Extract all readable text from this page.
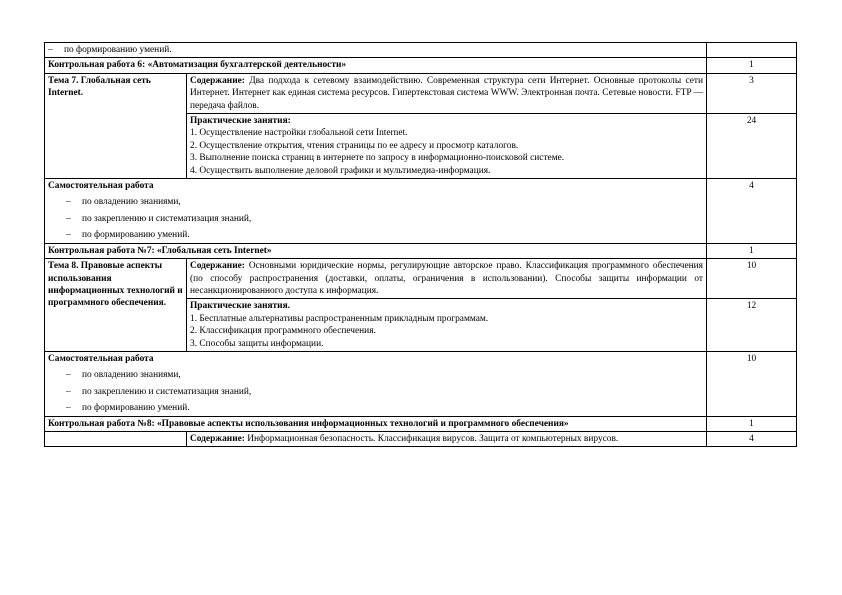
– по формированию умений.		
Контрольная работа 6: «Автоматизация бухгалтерской деятельности»		1
Тема 7. Глобальная сеть Internet.	Содержание: Два подхода к сетевому взаимодействию. Современная структура сети Интернет. Основные протоколы сети Интернет. Интернет как единая система ресурсов. Гипертекстовая система WWW. Электронная почта. Сетевые новости. FTP — передача файлов.	3

	Практические занятия:
1. Осуществление настройки глобальной сети Internet.
2. Осуществление открытия, чтения страницы по ее адресу и просмотр каталогов.
3. Выполнение поиска страниц в интернете по запросу в информационно-поисковой системе.
4. Осуществить выполнение деловой графики и мультимедиа-информация.	24

Самостоятельная работа
– по овладению знаниями,
– по закреплению и систематизация знаний,
– по формированию умений.		4
Контрольная работа №7: «Глобальная сеть Internet»		1
Тема 8. Правовые аспекты использования информационных технологий и программного обеспечения.	Содержание: Основными юридические нормы, регулирующие авторское право. Классификация программного обеспечения (по способу распространения (доставки, оплаты, ограничения в использовании). Способы защиты информации от несанкционированного доступа к информация.	10

	Практические занятия.
1. Бесплатные альтернативы распространенным прикладным программам.
2. Классификация программного обеспечения.
3. Способы защиты информации.	12

Самостоятельная работа
– по овладению знаниями,
– по закреплению и систематизация знаний,
– по формированию умений.		10
Контрольная работа №8: «Правовые аспекты использования информационных технологий и программного обеспечения»		1
	Содержание: Информационная безопасность. Классификация вирусов. Защита от компьютерных вирусов.	4
